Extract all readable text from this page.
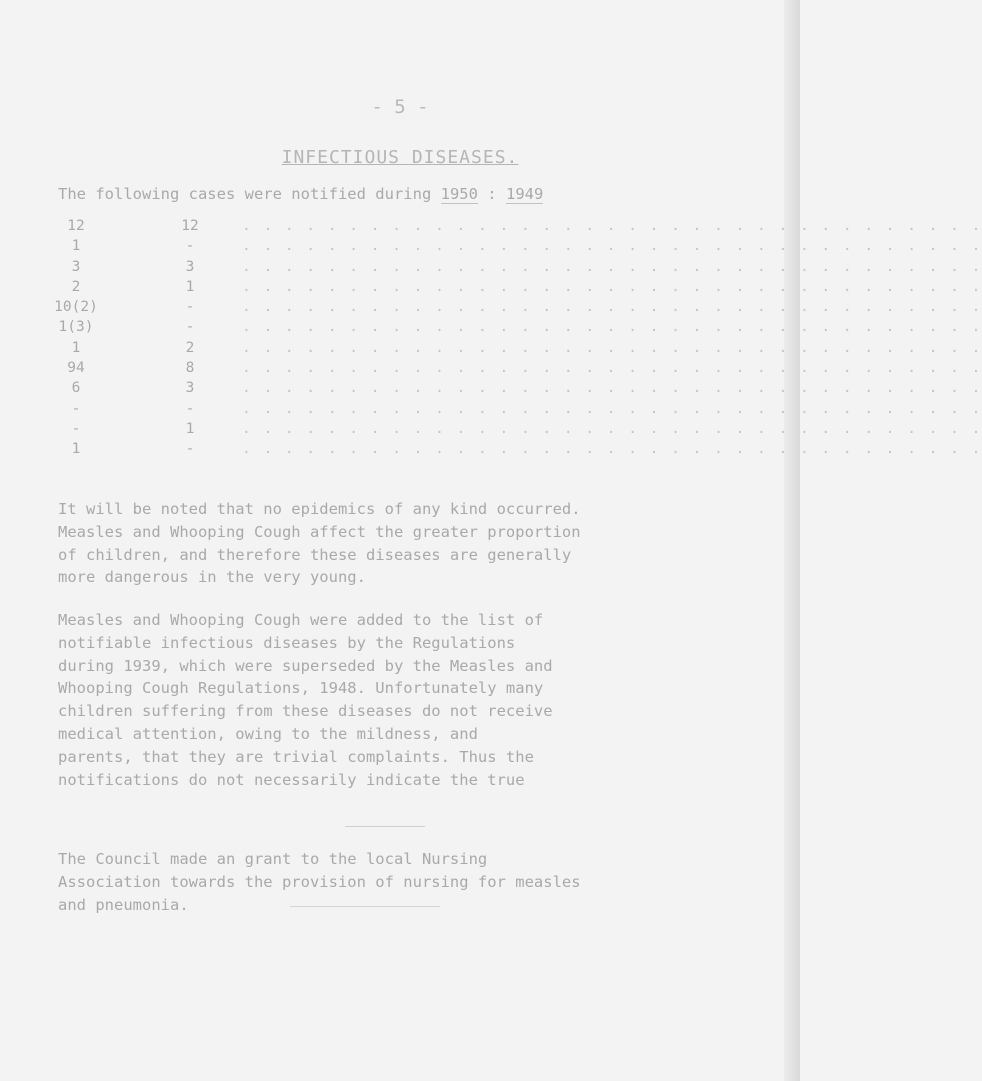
- 5 -
INFECTIOUS DISEASES.
The following cases were notified during 1950 : 1949
12	12	. . . . . . . . . . . . . . . . . . . . . . . . . . . . . . . . . . .
1	-	. . . . . . . . . . . . . . . . . . . . . . . . . . . . . . . . . . .
3	3	. . . . . . . . . . . . . . . . . . . . . . . . . . . . . . . . . . .
2	1	. . . . . . . . . . . . . . . . . . . . . . . . . . . . . . . . . . .
10(2)	-	. . . . . . . . . . . . . . . . . . . . . . . . . . . . . . . . . . .
1(3)	-	. . . . . . . . . . . . . . . . . . . . . . . . . . . . . . . . . . .
1	2	. . . . . . . . . . . . . . . . . . . . . . . . . . . . . . . . . . .
94	8	. . . . . . . . . . . . . . . . . . . . . . . . . . . . . . . . . . .
6	3	. . . . . . . . . . . . . . . . . . . . . . . . . . . . . . . . . . .
-	-	. . . . . . . . . . . . . . . . . . . . . . . . . . . . . . . . . . .
-	1	. . . . . . . . . . . . . . . . . . . . . . . . . . . . . . . . . . .
1	-	. . . . . . . . . . . . . . . . . . . . . . . . . . . . . . . . . . .

It will be noted that no epidemics of any kind occurred.

Measles and Whooping Cough affect the greater proportion

of children, and therefore these diseases are generally

more dangerous in the very young.

Measles and Whooping Cough were added to the list of

notifiable infectious diseases by the Regulations

during 1939, which were superseded by the Measles and

Whooping Cough Regulations, 1948. Unfortunately many

children suffering from these diseases do not receive

medical attention, owing to the mildness, and

parents, that they are trivial complaints. Thus the

notifications do not necessarily indicate the true

The Council made an grant to the local Nursing

Association towards the provision of nursing for measles

and pneumonia.
